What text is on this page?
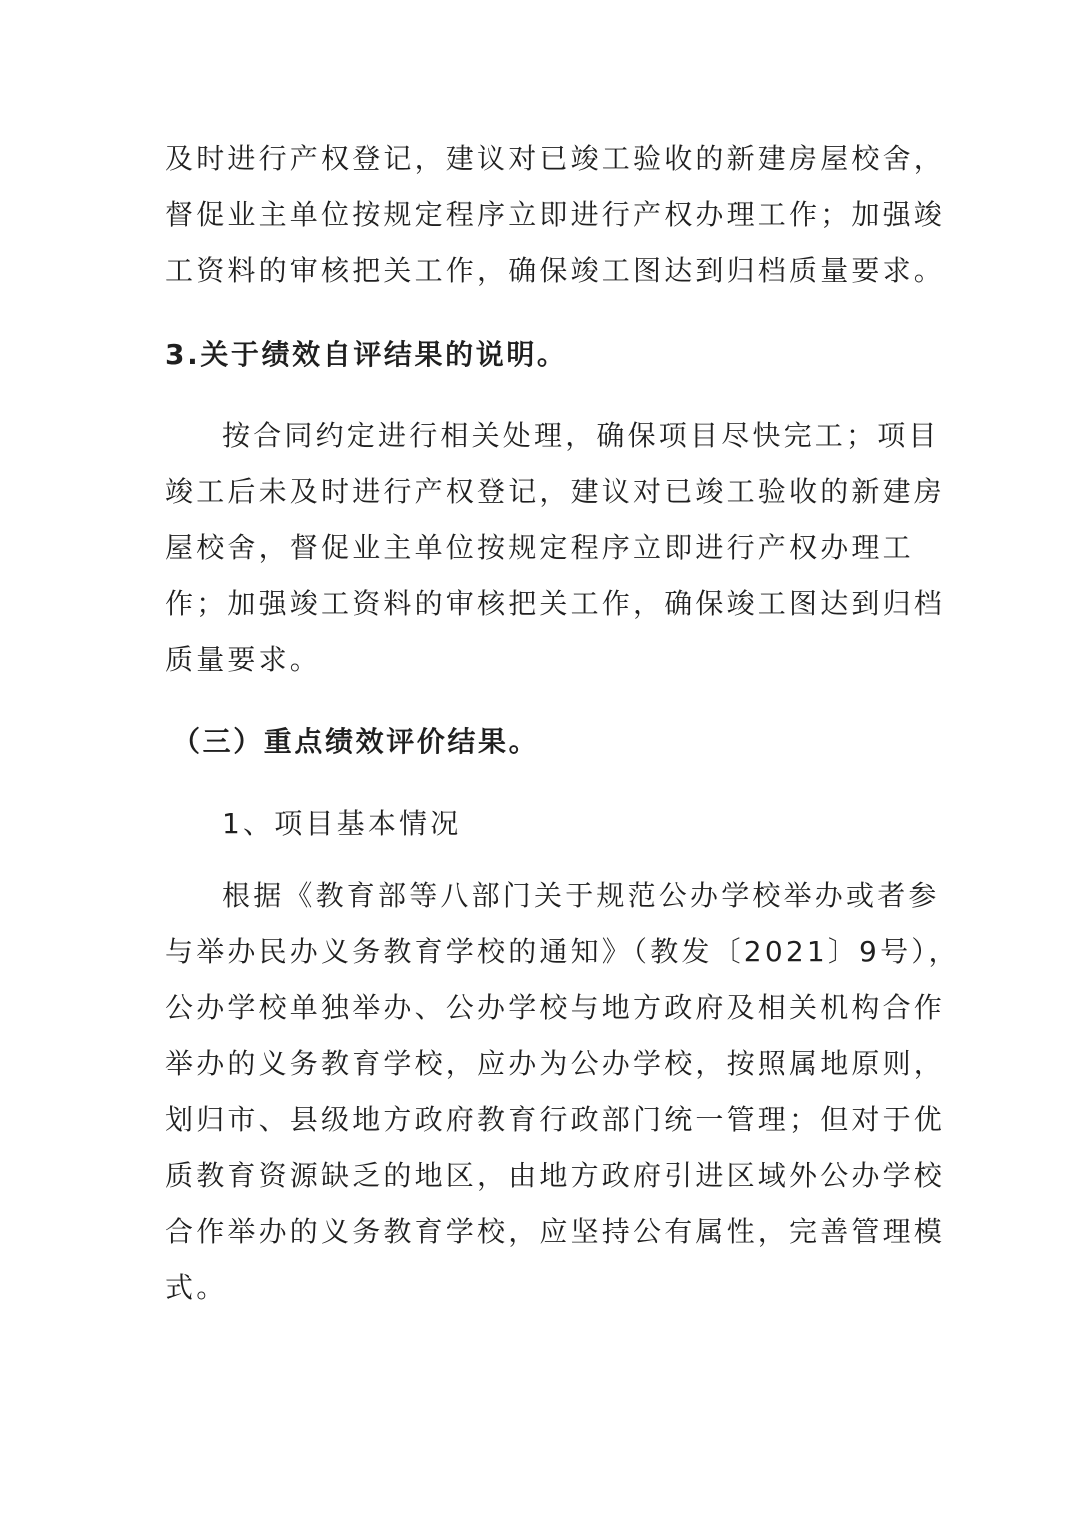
及时进行产权登记，建议对已竣工验收的新建房屋校舍，
督促业主单位按规定程序立即进行产权办理工作；加强竣
工资料的审核把关工作，确保竣工图达到归档质量要求。
3.关于绩效自评结果的说明。
按合同约定进行相关处理，确保项目尽快完工；项目
竣工后未及时进行产权登记，建议对已竣工验收的新建房
屋校舍，督促业主单位按规定程序立即进行产权办理工
作；加强竣工资料的审核把关工作，确保竣工图达到归档
质量要求。
（三）重点绩效评价结果。
1、项目基本情况
根据《教育部等八部门关于规范公办学校举办或者参
与举办民办义务教育学校的通知》（教发〔2021〕9号），
公办学校单独举办、公办学校与地方政府及相关机构合作
举办的义务教育学校，应办为公办学校，按照属地原则，
划归市、县级地方政府教育行政部门统一管理；但对于优
质教育资源缺乏的地区，由地方政府引进区域外公办学校
合作举办的义务教育学校，应坚持公有属性，完善管理模
式。
